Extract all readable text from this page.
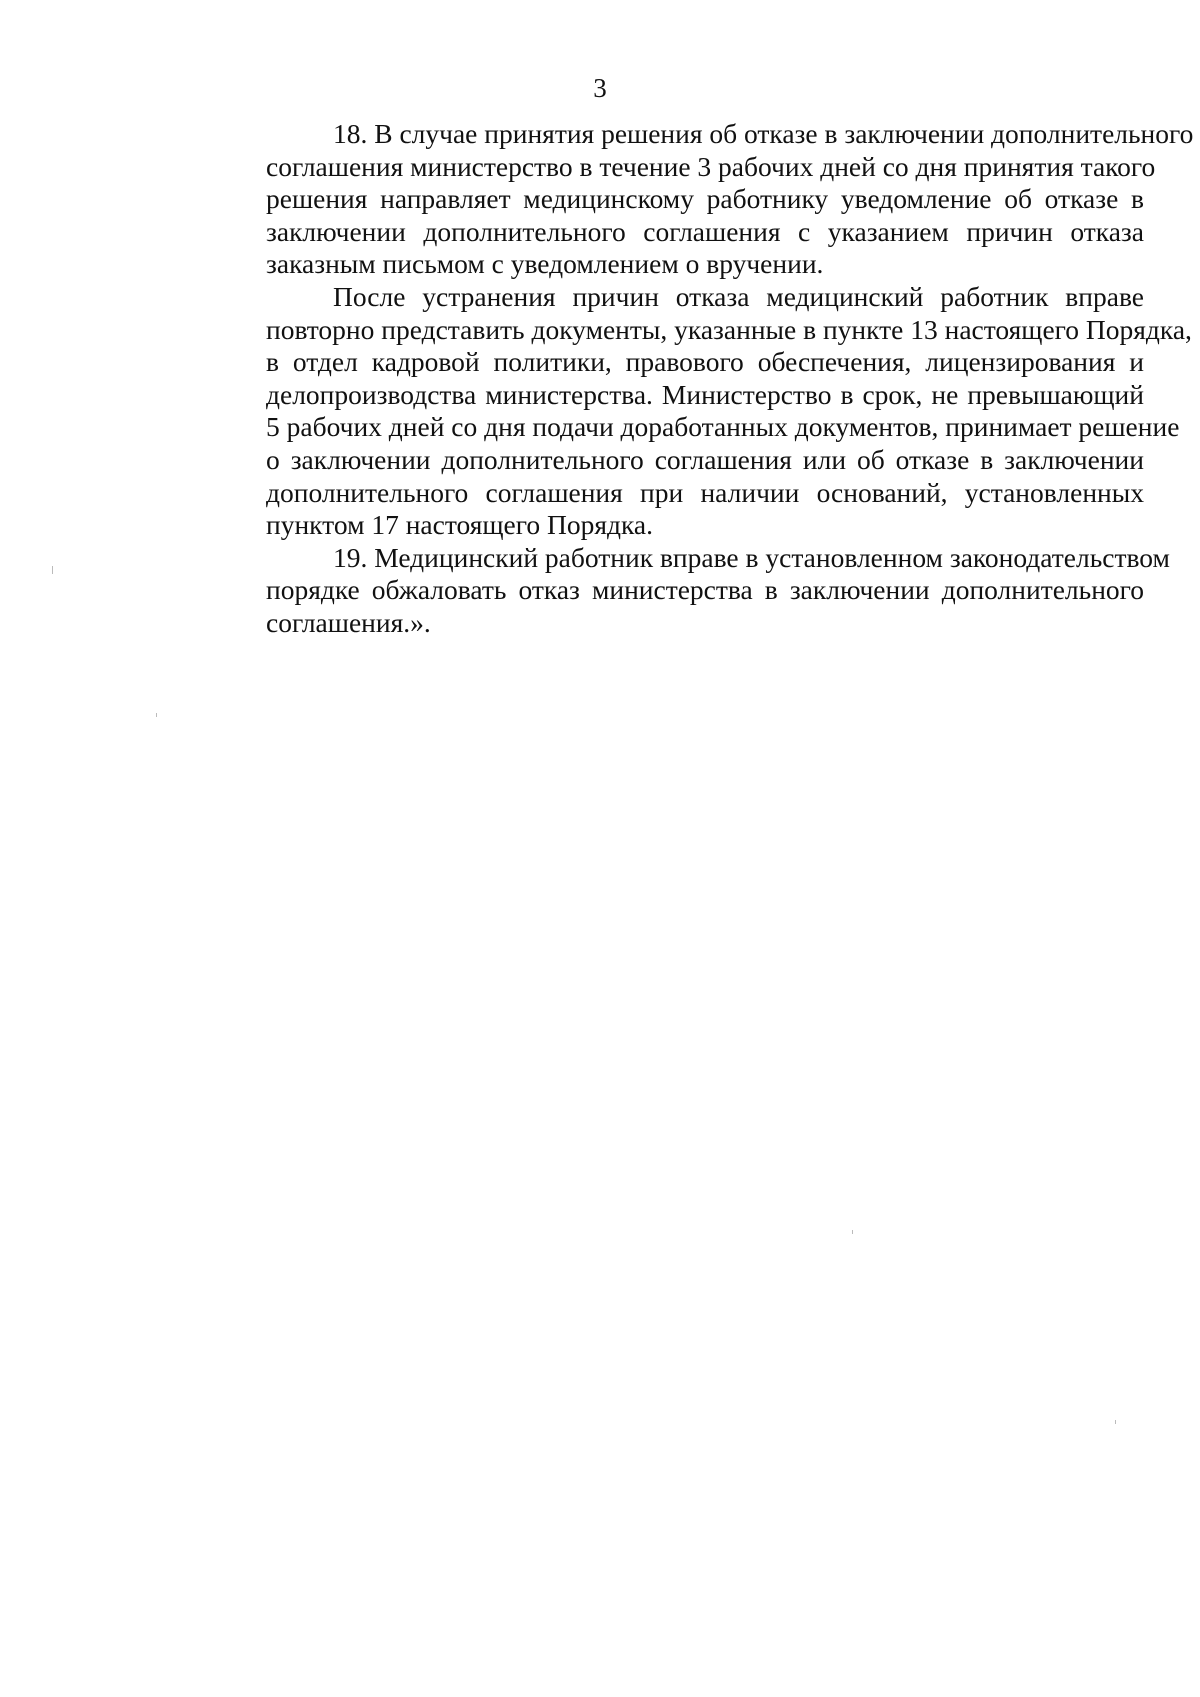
3

18. В случае принятия решения об отказе в заключении дополнительного
соглашения министерство в течение 3 рабочих дней со дня принятия такого
решения направляет медицинскому работнику уведомление об отказе в
заключении дополнительного соглашения с указанием причин отказа
заказным письмом с уведомлением о вручении.

После устранения причин отказа медицинский работник вправе
повторно представить документы, указанные в пункте 13 настоящего Порядка,
в отдел кадровой политики, правового обеспечения, лицензирования и
делопроизводства министерства. Министерство в срок, не превышающий
5 рабочих дней со дня подачи доработанных документов, принимает решение
о заключении дополнительного соглашения или об отказе в заключении
дополнительного соглашения при наличии оснований, установленных
пунктом 17 настоящего Порядка.

19. Медицинский работник вправе в установленном законодательством
порядке обжаловать отказ министерства в заключении дополнительного
соглашения.».
